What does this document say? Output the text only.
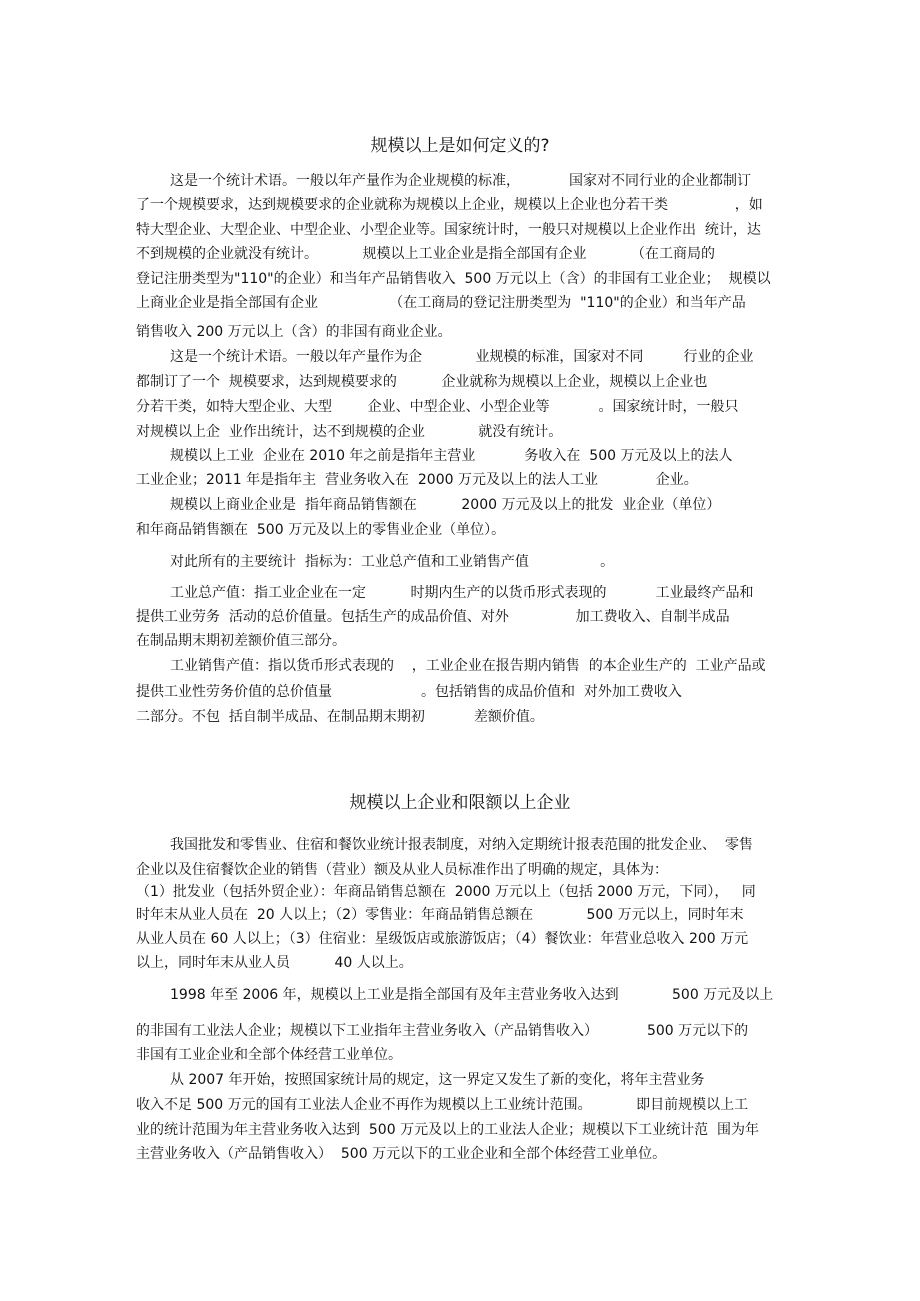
规模以上是如何定义的?

这是一个统计术语。一般以年产量作为企业规模的标准，           国家对不同行业的企业都制订

了一个规模要求，达到规模要求的企业就称为规模以上企业，规模以上企业也分若干类               ，如

特大型企业、大型企业、中型企业、小型企业等。国家统计时，一般只对规模以上企业作出  统计，达

不到规模的企业就没有统计。          规模以上工业企业是指全部国有企业          （在工商局的

登记注册类型为"110"的企业）和当年产品销售收入  500 万元以上（含）的非国有工业企业；  规模以

上商业企业是指全部国有企业                （在工商局的登记注册类型为  "110"的企业）和当年产品

销售收入 200 万元以上（含）的非国有商业企业。

这是一个统计术语。一般以年产量作为企            业规模的标准，国家对不同         行业的企业

都制订了一个  规模要求，达到规模要求的          企业就称为规模以上企业，规模以上企业也

分若干类，如特大型企业、大型        企业、中型企业、小型企业等           。国家统计时，一般只

对规模以上企  业作出统计，达不到规模的企业            就没有统计。

规模以上工业  企业在 2010 年之前是指年主营业           务收入在  500 万元及以上的法人

工业企业；2011 年是指年主  营业务收入在  2000 万元及以上的法人工业             企业。

规模以上商业企业是  指年商品销售额在          2000 万元及以上的批发  业企业（单位）

和年商品销售额在  500 万元及以上的零售业企业（单位）。

对此所有的主要统计  指标为：工业总产值和工业销售产值                。

工业总产值：指工业企业在一定          时期内生产的以货币形式表现的           工业最终产品和

提供工业劳务  活动的总价值量。包括生产的成品价值、对外               加工费收入、自制半成品

在制品期末期初差额价值三部分。

工业销售产值：指以货币形式表现的    ，工业企业在报告期内销售  的本企业生产的  工业产品或

提供工业性劳务价值的总价值量                    。包括销售的成品价值和  对外加工费收入

二部分。不包  括自制半成品、在制品期末期初           差额价值。

规模以上企业和限额以上企业

我国批发和零售业、住宿和餐饮业统计报表制度，对纳入定期统计报表范围的批发企业、  零售

企业以及住宿餐饮企业的销售（营业）额及从业人员标准作出了明确的规定，具体为：

（1）批发业（包括外贸企业）：年商品销售总额在  2000 万元以上（包括 2000 万元，下同），   同

时年末从业人员在  20 人以上；（2）零售业：年商品销售总额在            500 万元以上，同时年末

从业人员在 60 人以上；（3）住宿业：星级饭店或旅游饭店；（4）餐饮业：年营业总收入 200 万元

以上，同时年末从业人员          40 人以上。

1998 年至 2006 年，规模以上工业是指全部国有及年主营业务收入达到            500 万元及以上

的非国有工业法人企业；规模以下工业指年主营业务收入（产品销售收入）           500 万元以下的

非国有工业企业和全部个体经营工业单位。

从 2007 年开始，按照国家统计局的规定，这一界定又发生了新的变化，将年主营业务

收入不足 500 万元的国有工业法人企业不再作为规模以上工业统计范围。          即目前规模以上工

业的统计范围为年主营业务收入达到  500 万元及以上的工业法人企业；规模以下工业统计范  围为年

主营业务收入（产品销售收入）  500 万元以下的工业企业和全部个体经营工业单位。
